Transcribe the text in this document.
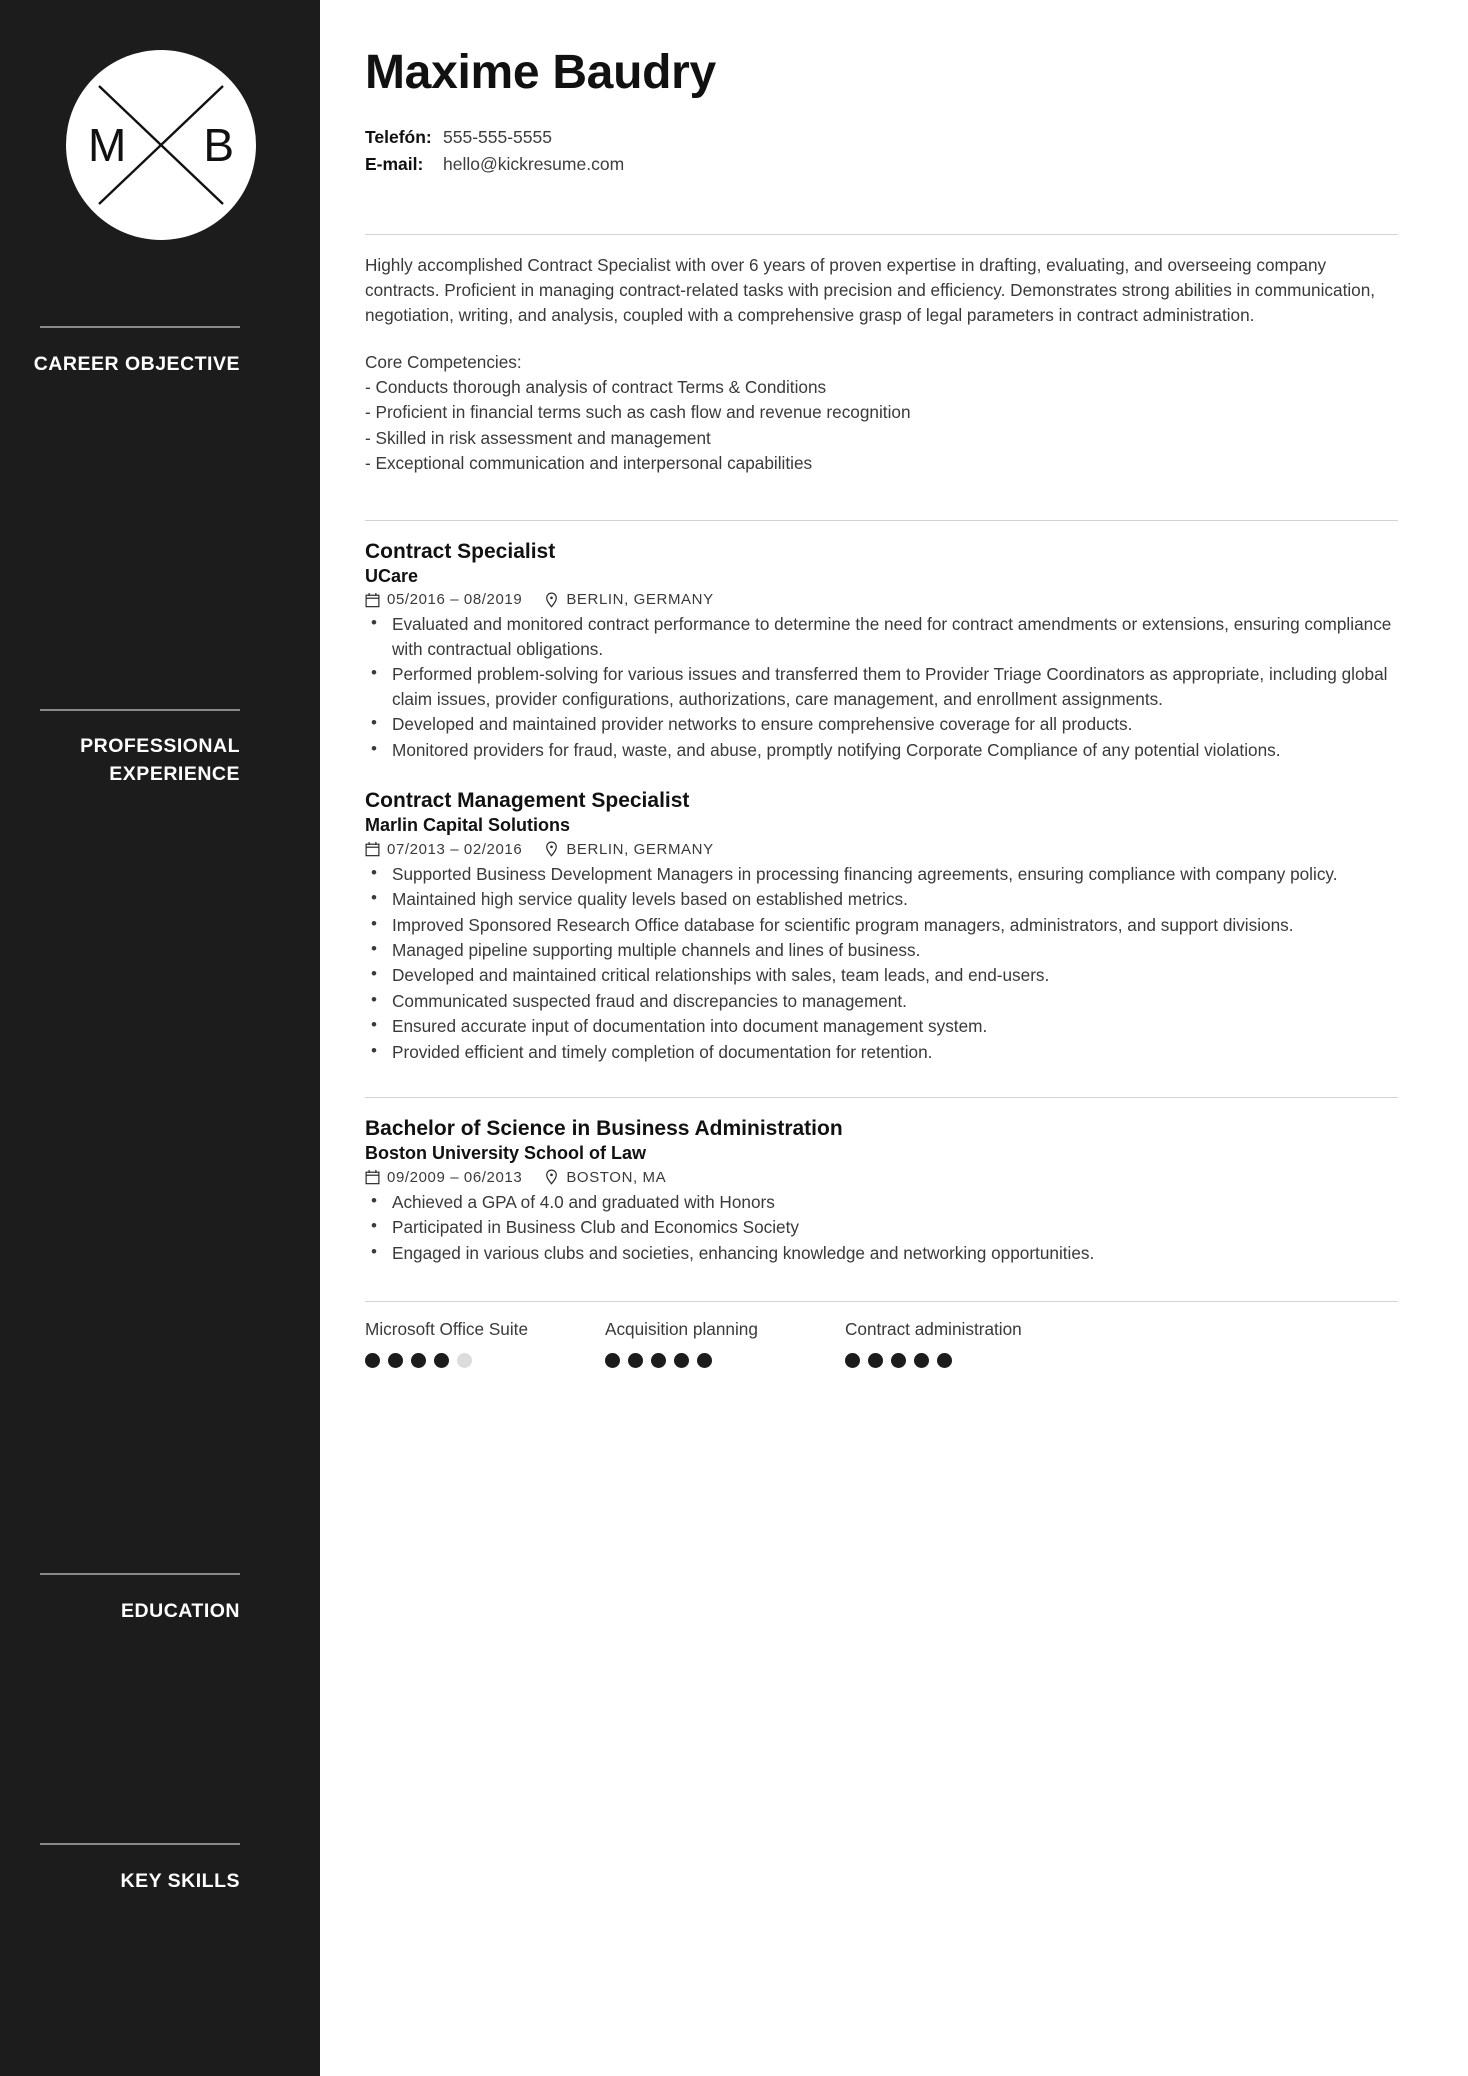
M B
CAREER OBJECTIVE
PROFESSIONAL
EXPERIENCE
EDUCATION
KEY SKILLS
Maxime Baudry
Telefón: 555-555-5555
E-mail:	hello@kickresume.com

Highly accomplished Contract Specialist with over 6 years of proven expertise in drafting, evaluating, and overseeing company contracts. Proficient in managing contract-related tasks with precision and efficiency. Demonstrates strong abilities in communication, negotiation, writing, and analysis, coupled with a comprehensive grasp of legal parameters in contract administration.

Core Competencies:

- Conducts thorough analysis of contract Terms & Conditions

- Proficient in financial terms such as cash flow and revenue recognition

- Skilled in risk assessment and management

- Exceptional communication and interpersonal capabilities

Contract Specialist
UCare
05/2016 – 08/2019	BERLIN, GERMANY
• Evaluated and monitored contract performance to determine the need for contract amendments or extensions, ensuring compliance with contractual obligations.
• Performed problem-solving for various issues and transferred them to Provider Triage Coordinators as appropriate, including global claim issues, provider configurations, authorizations, care management, and enrollment assignments.
• Developed and maintained provider networks to ensure comprehensive coverage for all products.
• Monitored providers for fraud, waste, and abuse, promptly notifying Corporate Compliance of any potential violations.
Contract Management Specialist
Marlin Capital Solutions
07/2013 – 02/2016	BERLIN, GERMANY
• Supported Business Development Managers in processing financing agreements, ensuring compliance with company policy.
• Maintained high service quality levels based on established metrics.
• Improved Sponsored Research Office database for scientific program managers, administrators, and support divisions.
• Managed pipeline supporting multiple channels and lines of business.
• Developed and maintained critical relationships with sales, team leads, and end-users.
• Communicated suspected fraud and discrepancies to management.
• Ensured accurate input of documentation into document management system.
• Provided efficient and timely completion of documentation for retention.
Bachelor of Science in Business Administration
Boston University School of Law
09/2009 – 06/2013	BOSTON, MA
• Achieved a GPA of 4.0 and graduated with Honors
• Participated in Business Club and Economics Society
• Engaged in various clubs and societies, enhancing knowledge and networking opportunities.
Microsoft Office Suite	Acquisition planning	Contract administration
